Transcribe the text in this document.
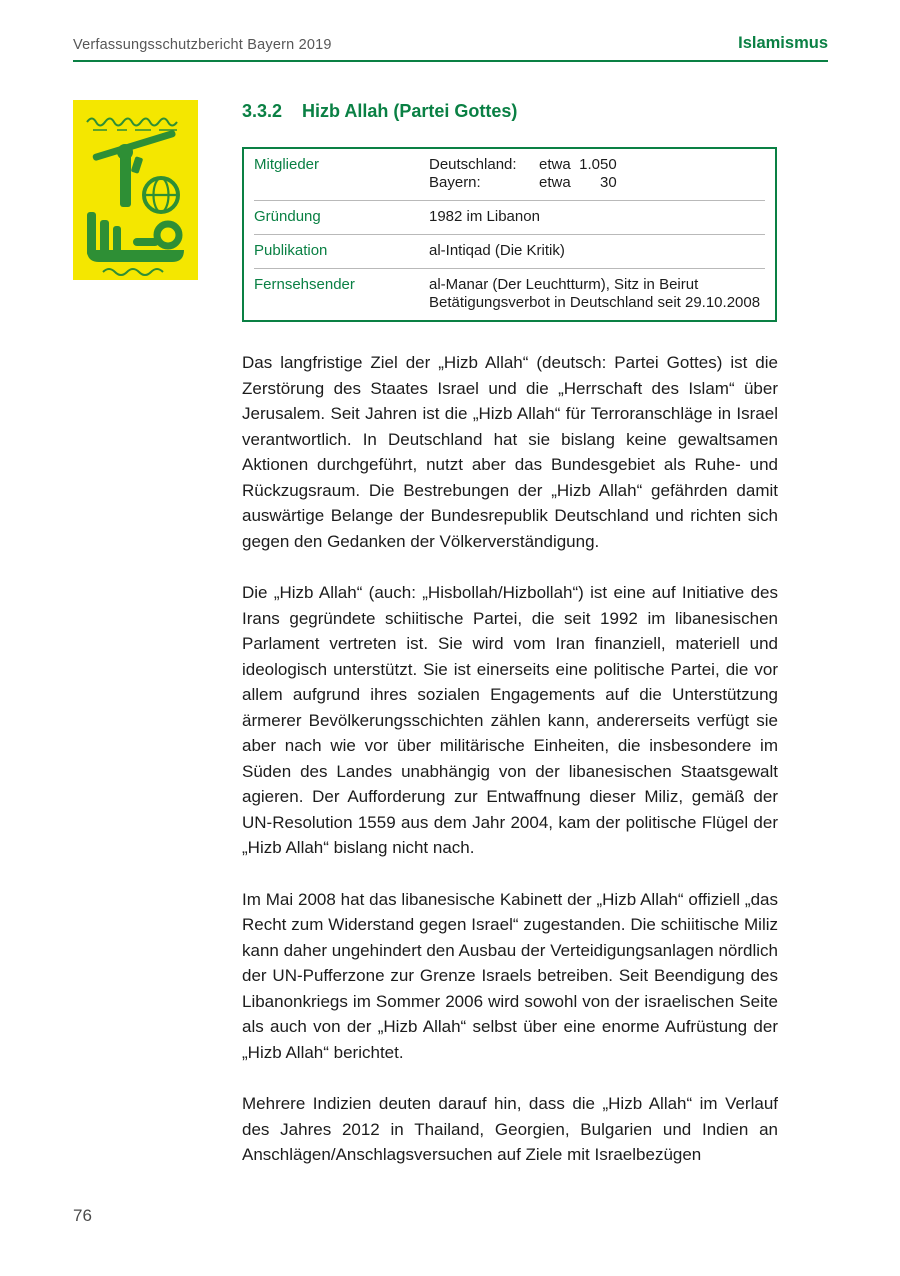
Verfassungsschutzbericht Bayern 2019	Islamismus
3.3.2 Hizb Allah (Partei Gottes)
Mitglieder	Deutschland: etwa 1.050
Bayern:	etwa 30
Gründung	1982 im Libanon
Publikation	al-Intiqad (Die Kritik)
Fernsehsender	al-Manar (Der Leuchtturm), Sitz in Beirut
Betätigungsverbot in Deutschland seit 29.10.2008

Das langfristige Ziel der „Hizb Allah“ (deutsch: Partei Gottes) ist die Zerstörung des Staates Israel und die „Herrschaft des Islam“ über Jerusalem. Seit Jahren ist die „Hizb Allah“ für Terroranschläge in Israel verantwortlich. In Deutschland hat sie bislang keine gewaltsamen Aktionen durchgeführt, nutzt aber das Bundesgebiet als Ruhe- und Rückzugsraum. Die Bestrebungen der „Hizb Allah“ gefährden damit auswärtige Belange der Bundesrepublik Deutschland und richten sich gegen den Gedanken der Völkerverständigung.

Die „Hizb Allah“ (auch: „Hisbollah/Hizbollah“) ist eine auf Initiative des Irans gegründete schiitische Partei, die seit 1992 im libanesischen Parlament vertreten ist. Sie wird vom Iran finanziell, materiell und ideologisch unterstützt. Sie ist einerseits eine politische Partei, die vor allem aufgrund ihres sozialen Engagements auf die Unterstützung ärmerer Bevölkerungsschichten zählen kann, andererseits verfügt sie aber nach wie vor über militärische Einheiten, die insbesondere im Süden des Landes unabhängig von der libanesischen Staatsgewalt agieren. Der Aufforderung zur Entwaffnung dieser Miliz, gemäß der UN-Resolution 1559 aus dem Jahr 2004, kam der politische Flügel der „Hizb Allah“ bislang nicht nach.

Im Mai 2008 hat das libanesische Kabinett der „Hizb Allah“ offiziell „das Recht zum Widerstand gegen Israel“ zugestanden. Die schiitische Miliz kann daher ungehindert den Ausbau der Verteidigungsanlagen nördlich der UN-Pufferzone zur Grenze Israels betreiben. Seit Beendigung des Libanonkriegs im Sommer 2006 wird sowohl von der israelischen Seite als auch von der „Hizb Allah“ selbst über eine enorme Aufrüstung der „Hizb Allah“ berichtet.

Mehrere Indizien deuten darauf hin, dass die „Hizb Allah“ im Verlauf des Jahres 2012 in Thailand, Georgien, Bulgarien und Indien an Anschlägen/Anschlagsversuchen auf Ziele mit Israelbezügen

76
